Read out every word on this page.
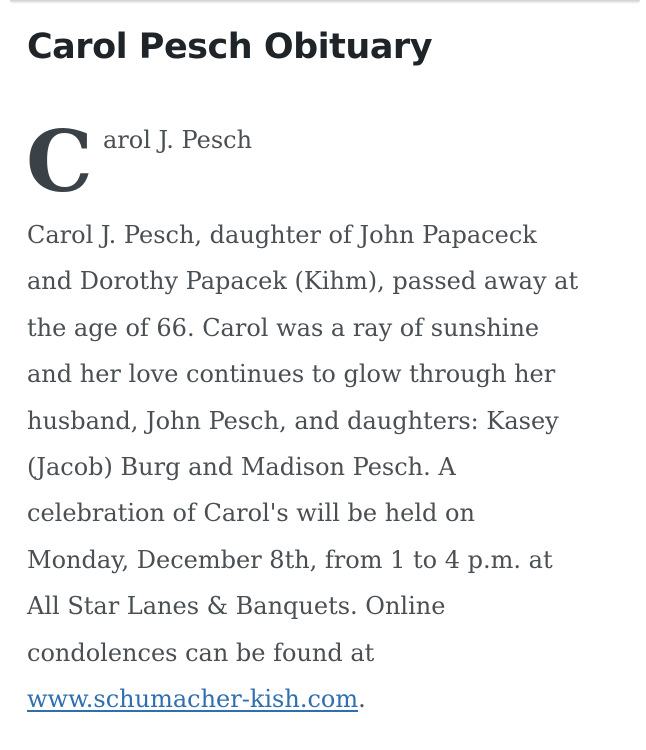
Carol Pesch Obituary
C arol J. Pesch

Carol J. Pesch, daughter of John Papaceck
and Dorothy Papacek (Kihm), passed away at
the age of 66. Carol was a ray of sunshine
and her love continues to glow through her
husband, John Pesch, and daughters: Kasey
(Jacob) Burg and Madison Pesch. A
celebration of Carol's will be held on
Monday, December 8th, from 1 to 4 p.m. at
All Star Lanes & Banquets. Online
condolences can be found at
www.schumacher-kish.com.
